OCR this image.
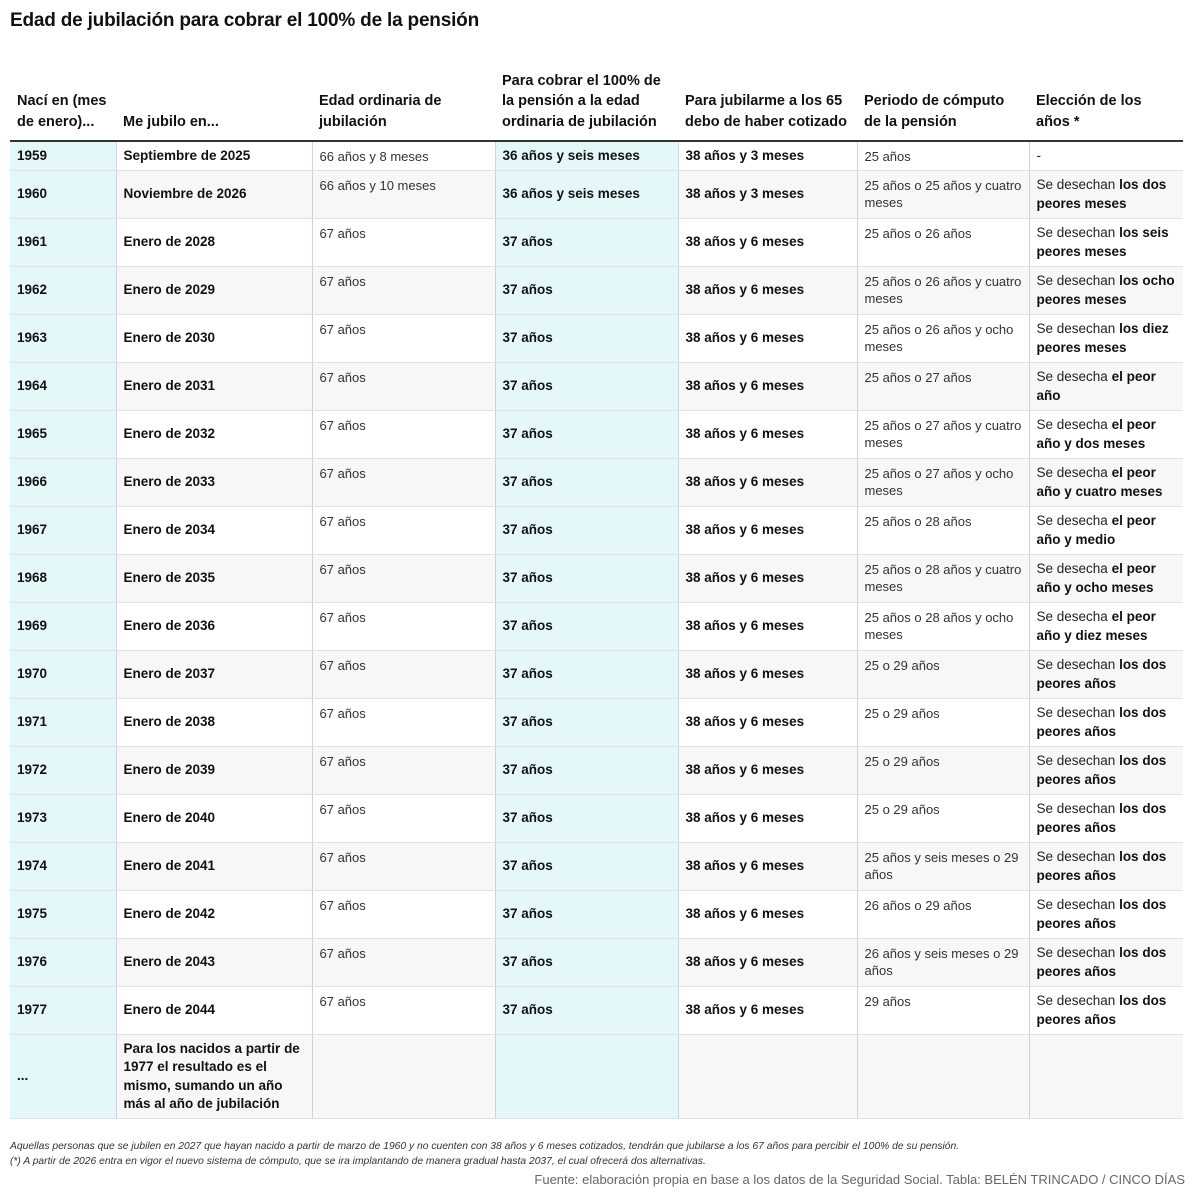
Edad de jubilación para cobrar el 100% de la pensión
Nací en (mes de enero)...	Me jubilo en...	Edad ordinaria de jubilación	Para cobrar el 100% de la pensión a la edad ordinaria de jubilación	Para jubilarme a los 65 debo de haber cotizado	Periodo de cómputo de la pensión	Elección de los años *
1959	Septiembre de 2025	66 años y 8 meses	36 años y seis meses	38 años y 3 meses	25 años	-
1960	Noviembre de 2026	66 años y 10 meses	36 años y seis meses	38 años y 3 meses	25 años o 25 años y cuatro meses	Se desechan los dos peores meses
1961	Enero de 2028	67 años	37 años	38 años y 6 meses	25 años o 26 años	Se desechan los seis peores meses
1962	Enero de 2029	67 años	37 años	38 años y 6 meses	25 años o 26 años y cuatro meses	Se desechan los ocho peores meses
1963	Enero de 2030	67 años	37 años	38 años y 6 meses	25 años o 26 años y ocho meses	Se desechan los diez peores meses
1964	Enero de 2031	67 años	37 años	38 años y 6 meses	25 años o 27 años	Se desecha el peor año
1965	Enero de 2032	67 años	37 años	38 años y 6 meses	25 años o 27 años y cuatro meses	Se desecha el peor año y dos meses
1966	Enero de 2033	67 años	37 años	38 años y 6 meses	25 años o 27 años y ocho meses	Se desecha el peor año y cuatro meses
1967	Enero de 2034	67 años	37 años	38 años y 6 meses	25 años o 28 años	Se desecha el peor año y medio
1968	Enero de 2035	67 años	37 años	38 años y 6 meses	25 años o 28 años y cuatro meses	Se desecha el peor año y ocho meses
1969	Enero de 2036	67 años	37 años	38 años y 6 meses	25 años o 28 años y ocho meses	Se desecha el peor año y diez meses
1970	Enero de 2037	67 años	37 años	38 años y 6 meses	25 o 29 años	Se desechan los dos peores años
1971	Enero de 2038	67 años	37 años	38 años y 6 meses	25 o 29 años	Se desechan los dos peores años
1972	Enero de 2039	67 años	37 años	38 años y 6 meses	25 o 29 años	Se desechan los dos peores años
1973	Enero de 2040	67 años	37 años	38 años y 6 meses	25 o 29 años	Se desechan los dos peores años
1974	Enero de 2041	67 años	37 años	38 años y 6 meses	25 años y seis meses o 29 años	Se desechan los dos peores años
1975	Enero de 2042	67 años	37 años	38 años y 6 meses	26 años o 29 años	Se desechan los dos peores años
1976	Enero de 2043	67 años	37 años	38 años y 6 meses	26 años y seis meses o 29 años	Se desechan los dos peores años
1977	Enero de 2044	67 años	37 años	38 años y 6 meses	29 años	Se desechan los dos peores años
...	Para los nacidos a partir de 1977 el resultado es el mismo, sumando un año más al año de jubilación					
Aquellas personas que se jubilen en 2027 que hayan nacido a partir de marzo de 1960 y no cuenten con 38 años y 6 meses cotizados, tendrán que jubilarse a los 67 años para percibir el 100% de su pensión.
(*) A partir de 2026 entra en vigor el nuevo sistema de cómputo, que se ira implantando de manera gradual hasta 2037, el cual ofrecerá dos alternativas.
Fuente: elaboración propia en base a los datos de la Seguridad Social. Tabla: BELÉN TRINCADO / CINCO DÍAS
